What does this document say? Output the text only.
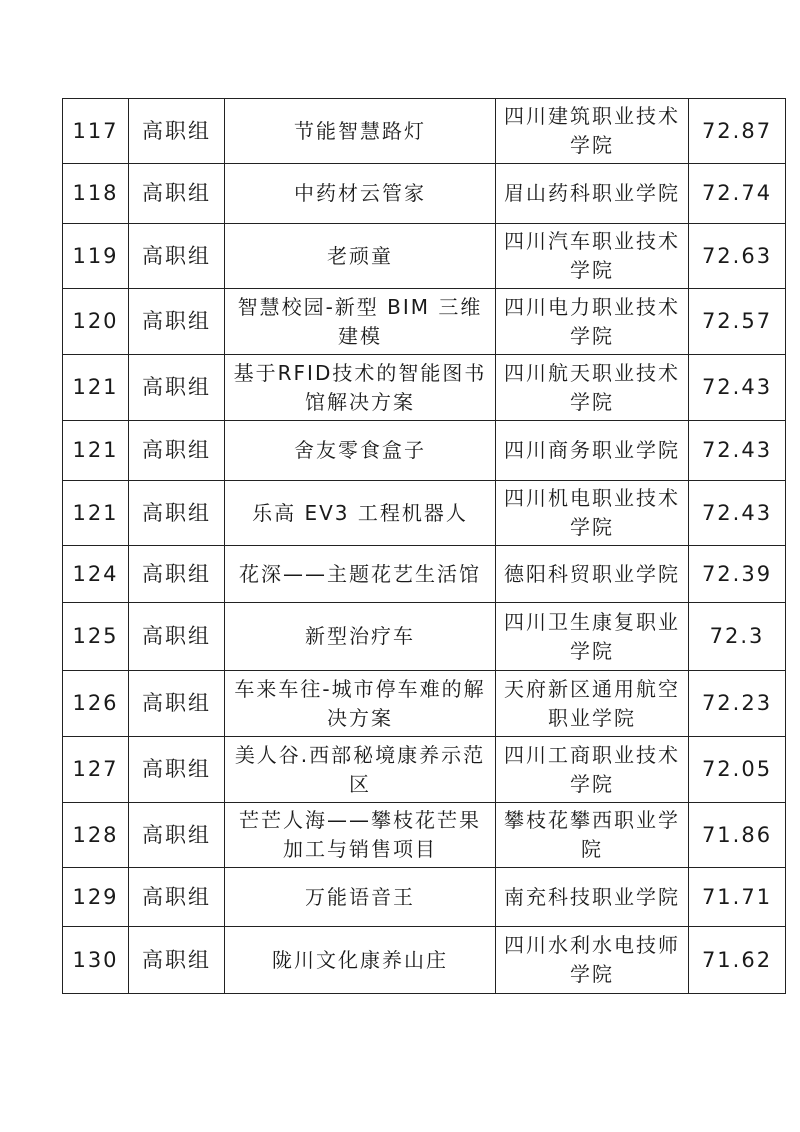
117	高职组	节能智慧路灯	四川建筑职业技术学院	72.87
118	高职组	中药材云管家	眉山药科职业学院	72.74
119	高职组	老顽童	四川汽车职业技术学院	72.63
120	高职组	智慧校园-新型 BIM 三维建模	四川电力职业技术学院	72.57
121	高职组	基于RFID技术的智能图书馆解决方案	四川航天职业技术学院	72.43
121	高职组	舍友零食盒子	四川商务职业学院	72.43
121	高职组	乐高 EV3 工程机器人	四川机电职业技术学院	72.43
124	高职组	花深——主题花艺生活馆	德阳科贸职业学院	72.39
125	高职组	新型治疗车	四川卫生康复职业学院	72.3
126	高职组	车来车往-城市停车难的解决方案	天府新区通用航空职业学院	72.23
127	高职组	美人谷.西部秘境康养示范区	四川工商职业技术学院	72.05
128	高职组	芒芒人海——攀枝花芒果加工与销售项目	攀枝花攀西职业学院	71.86
129	高职组	万能语音王	南充科技职业学院	71.71
130	高职组	陇川文化康养山庄	四川水利水电技师学院	71.62
